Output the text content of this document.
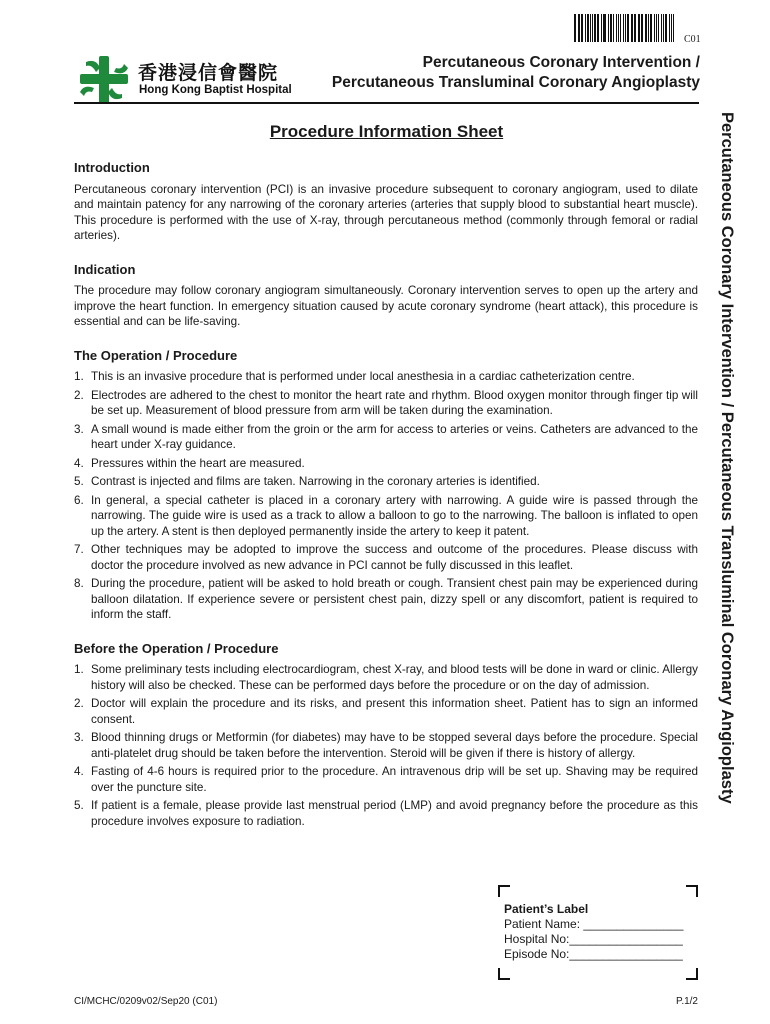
C01
香港浸信會醫院
Hong Kong Baptist Hospital
Percutaneous Coronary Intervention /
Percutaneous Transluminal Coronary Angioplasty
Percutaneous Coronary Intervention / Percutaneous Transluminal Coronary Angioplasty
Procedure Information Sheet
Introduction

Percutaneous coronary intervention (PCI) is an invasive procedure subsequent to coronary angiogram, used to dilate and maintain patency for any narrowing of the coronary arteries (arteries that supply blood to substantial heart muscle). This procedure is performed with the use of X-ray, through percutaneous method (commonly through femoral or radial arteries).

Indication

The procedure may follow coronary angiogram simultaneously. Coronary intervention serves to open up the artery and improve the heart function. In emergency situation caused by acute coronary syndrome (heart attack), this procedure is essential and can be life-saving.

The Operation / Procedure
1. This is an invasive procedure that is performed under local anesthesia in a cardiac catheterization centre.
2. Electrodes are adhered to the chest to monitor the heart rate and rhythm. Blood oxygen monitor through finger tip will be set up. Measurement of blood pressure from arm will be taken during the examination.
3. A small wound is made either from the groin or the arm for access to arteries or veins. Catheters are advanced to the heart under X-ray guidance.
4. Pressures within the heart are measured.
5. Contrast is injected and films are taken. Narrowing in the coronary arteries is identified.
6. In general, a special catheter is placed in a coronary artery with narrowing. A guide wire is passed through the narrowing. The guide wire is used as a track to allow a balloon to go to the narrowing. The balloon is inflated to open up the artery. A stent is then deployed permanently inside the artery to keep it patent.
7. Other techniques may be adopted to improve the success and outcome of the procedures. Please discuss with doctor the procedure involved as new advance in PCI cannot be fully discussed in this leaflet.
8. During the procedure, patient will be asked to hold breath or cough. Transient chest pain may be experienced during balloon dilatation. If experience severe or persistent chest pain, dizzy spell or any discomfort, patient is required to inform the staff.
Before the Operation / Procedure
1. Some preliminary tests including electrocardiogram, chest X-ray, and blood tests will be done in ward or clinic. Allergy history will also be checked. These can be performed days before the procedure or on the day of admission.
2. Doctor will explain the procedure and its risks, and present this information sheet. Patient has to sign an informed consent.
3. Blood thinning drugs or Metformin (for diabetes) may have to be stopped several days before the procedure. Special anti-platelet drug should be taken before the intervention. Steroid will be given if there is history of allergy.
4. Fasting of 4-6 hours is required prior to the procedure. An intravenous drip will be set up. Shaving may be required over the puncture site.
5. If patient is a female, please provide last menstrual period (LMP) and avoid pregnancy before the procedure as this procedure involves exposure to radiation.
Patient’s Label
Patient Name: _______________
Hospital No:_________________
Episode No:_________________
CI/MCHC/0209v02/Sep20 (C01)	P.1/2
